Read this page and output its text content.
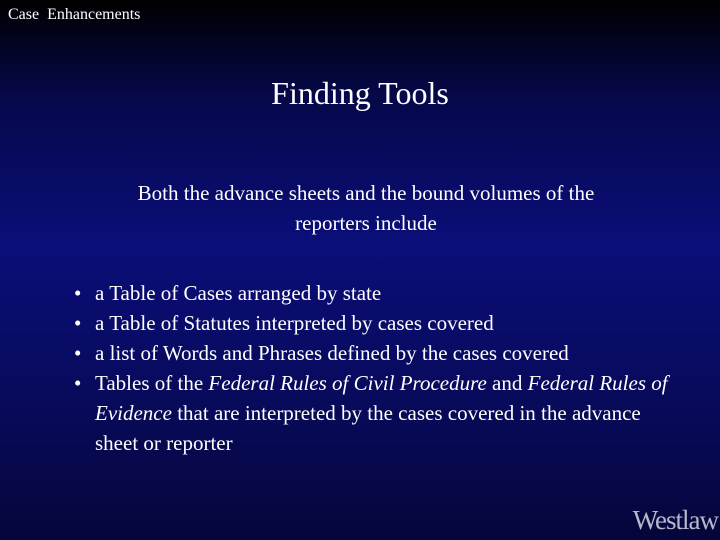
Case  Enhancements
Finding Tools
Both the advance sheets and the bound volumes of the reporters include
• a Table of Cases arranged by state
• a Table of Statutes interpreted by cases covered
• a list of Words and Phrases defined by the cases covered
• Tables of the Federal Rules of Civil Procedure and Federal Rules of Evidence that are interpreted by the cases covered in the advance sheet or reporter
Westlaw
